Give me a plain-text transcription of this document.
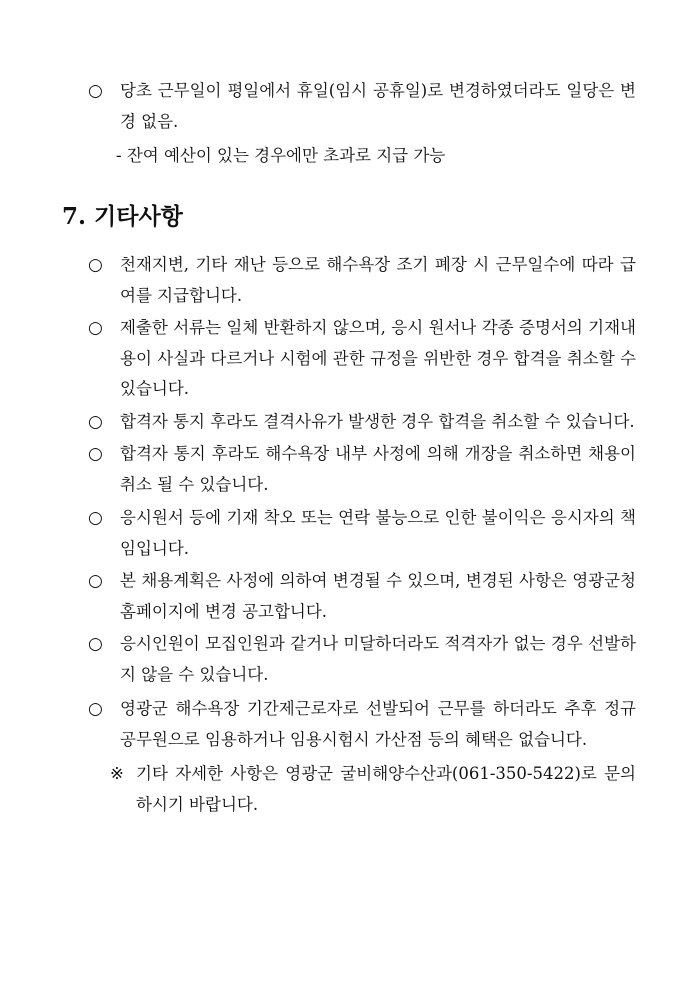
○	당초 근무일이 평일에서 휴일(임시 공휴일)로 변경하였더라도 일당은 변경 없음.
- 잔여 예산이 있는 경우에만 초과로 지급 가능
7. 기타사항
○	천재지변, 기타 재난 등으로 해수욕장 조기 폐장 시 근무일수에 따라 급여를 지급합니다.
○	제출한 서류는 일체 반환하지 않으며, 응시 원서나 각종 증명서의 기재내용이 사실과 다르거나 시험에 관한 규정을 위반한 경우 합격을 취소할 수 있습니다.
○	합격자 통지 후라도 결격사유가 발생한 경우 합격을 취소할 수 있습니다.
○	합격자 통지 후라도 해수욕장 내부 사정에 의해 개장을 취소하면 채용이 취소 될 수 있습니다.
○	응시원서 등에 기재 착오 또는 연락 불능으로 인한 불이익은 응시자의 책임입니다.
○	본 채용계획은 사정에 의하여 변경될 수 있으며, 변경된 사항은 영광군청 홈페이지에 변경 공고합니다.
○	응시인원이 모집인원과 같거나 미달하더라도 적격자가 없는 경우 선발하지 않을 수 있습니다.
○	영광군 해수욕장 기간제근로자로 선발되어 근무를 하더라도 추후 정규 공무원으로 임용하거나 임용시험시 가산점 등의 혜택은 없습니다.
※ 기타 자세한 사항은 영광군 굴비해양수산과(061-350-5422)로 문의하시기 바랍니다.
